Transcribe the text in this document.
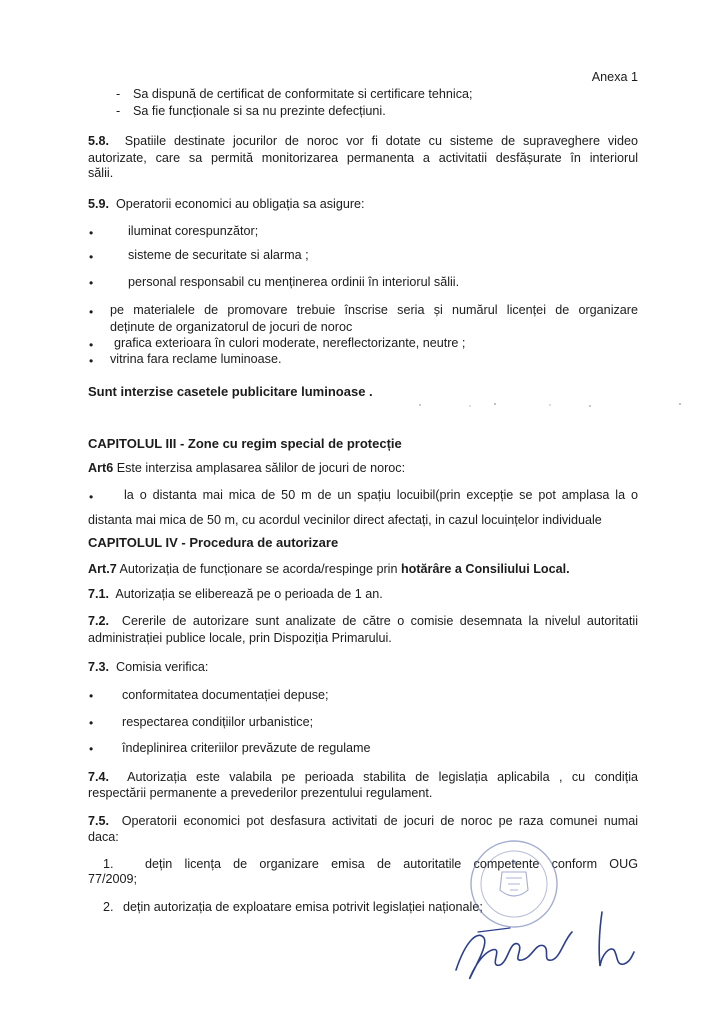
Anexa 1
- Sa dispună de certificat de conformitate si certificare tehnica;
- Sa fie funcționale si sa nu prezinte defecțiuni.
5.8. Spatiile destinate jocurilor de noroc vor fi dotate cu sisteme de supraveghere video
autorizate, care sa permită monitorizarea permanenta a activitatii desfășurate în interiorul
sălii.
5.9. Operatorii economici au obligația sa asigure:
•	iluminat corespunzător;
•	sisteme de securitate si alarma ;
•	personal responsabil cu menținerea ordinii în interiorul sălii.
• pe materialele de promovare trebuie înscrise seria și numărul licenței de organizare
deținute de organizatorul de jocuri de noroc
• grafica exterioara în culori moderate, nereflectorizante, neutre ;
• vitrina fara reclame luminoase.
Sunt interzise casetele publicitare luminoase .
CAPITOLUL III - Zone cu regim special de protecție
Art6 Este interzisa amplasarea sălilor de jocuri de noroc:
• la o distanta mai mica de 50 m de un spațiu locuibil(prin excepție se pot amplasa la o
distanta mai mica de 50 m, cu acordul vecinilor direct afectați, in cazul locuințelor individuale
CAPITOLUL IV - Procedura de autorizare
Art.7 Autorizația de funcționare se acorda/respinge prin hotărâre a Consiliului Local.
7.1. Autorizația se eliberează pe o perioada de 1 an.
7.2. Cererile de autorizare sunt analizate de către o comisie desemnata la nivelul autoritatii
administrației publice locale, prin Dispoziția Primarului.
7.3. Comisia verifica:
• conformitatea documentației depuse;
• respectarea condițiilor urbanistice;
• îndeplinirea criteriilor prevăzute de regulame
7.4. Autorizația este valabila pe perioada stabilita de legislația aplicabila , cu condiția
respectării permanente a prevederilor prezentului regulament.
7.5. Operatorii economici pot desfasura activitati de jocuri de noroc pe raza comunei numai
daca:
1. dețin licența de organizare emisa de autoritatile competente conform OUG
77/2009;
2. dețin autorizația de exploatare emisa potrivit legislației naționale;
